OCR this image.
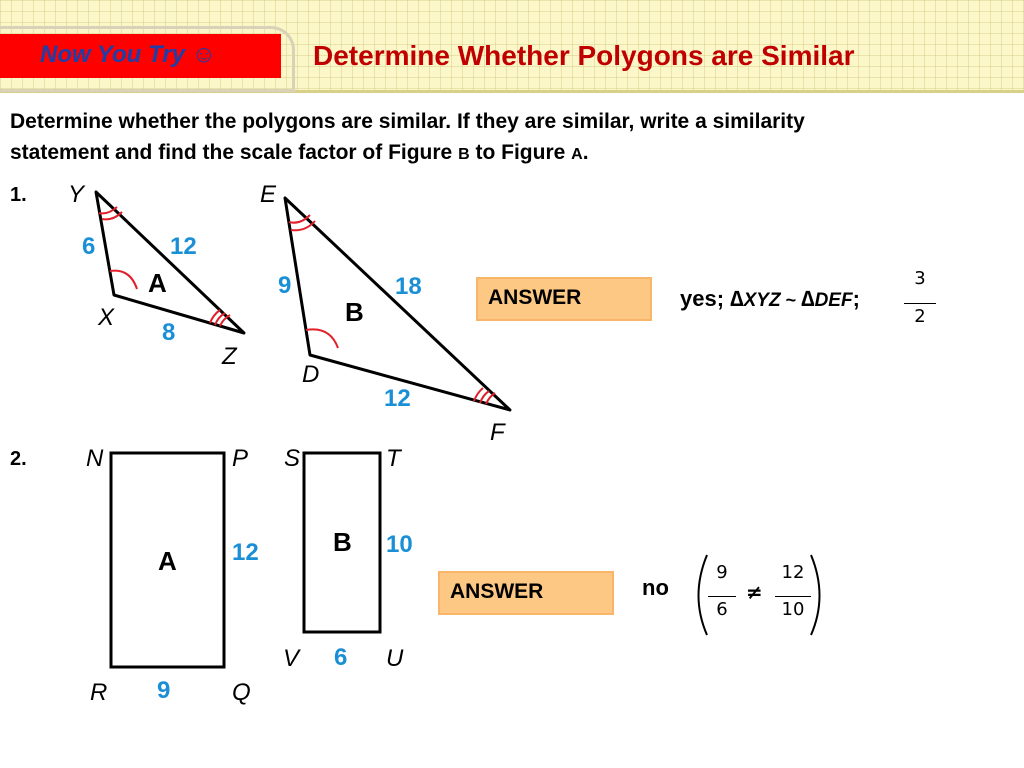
Now You Try ☺	Determine Whether Polygons are Similar
Determine whether the polygons are similar. If they are similar, write a similarity statement and find the scale factor of Figure B to Figure A.
1.
2.
Y
X
Z
6	12
8
A
E
D
F
9	18
12
B
N	P
R	Q
12
9
A
S	T
V	U
10
6
B
ANSWER	yes; ∆XYZ ~ ∆DEF;
3
2
ANSWER	no
9
6
≠
12
10
